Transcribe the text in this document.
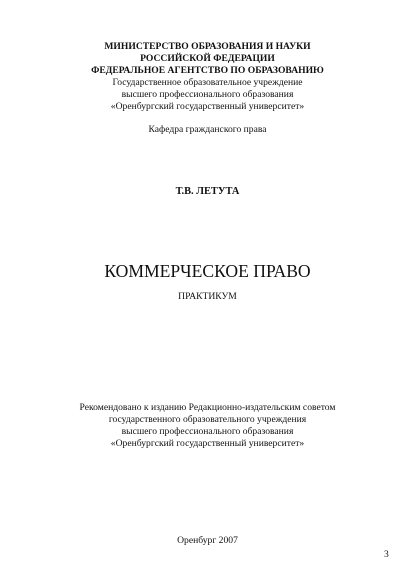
МИНИСТЕРСТВО ОБРАЗОВАНИЯ И НАУКИ

РОССИЙСКОЙ ФЕДЕРАЦИИ

ФЕДЕРАЛЬНОЕ АГЕНТСТВО ПО ОБРАЗОВАНИЮ

Государственное образовательное учреждение

высшего профессионального образования

«Оренбургский государственный университет»

Кафедра гражданского права

Т.В. ЛЕТУТА

КОММЕРЧЕСКОЕ ПРАВО

ПРАКТИКУМ

Рекомендовано к изданию Редакционно-издательским советом

государственного образовательного учреждения

высшего профессионального образования

«Оренбургский государственный университет»

Оренбург 2007

3
